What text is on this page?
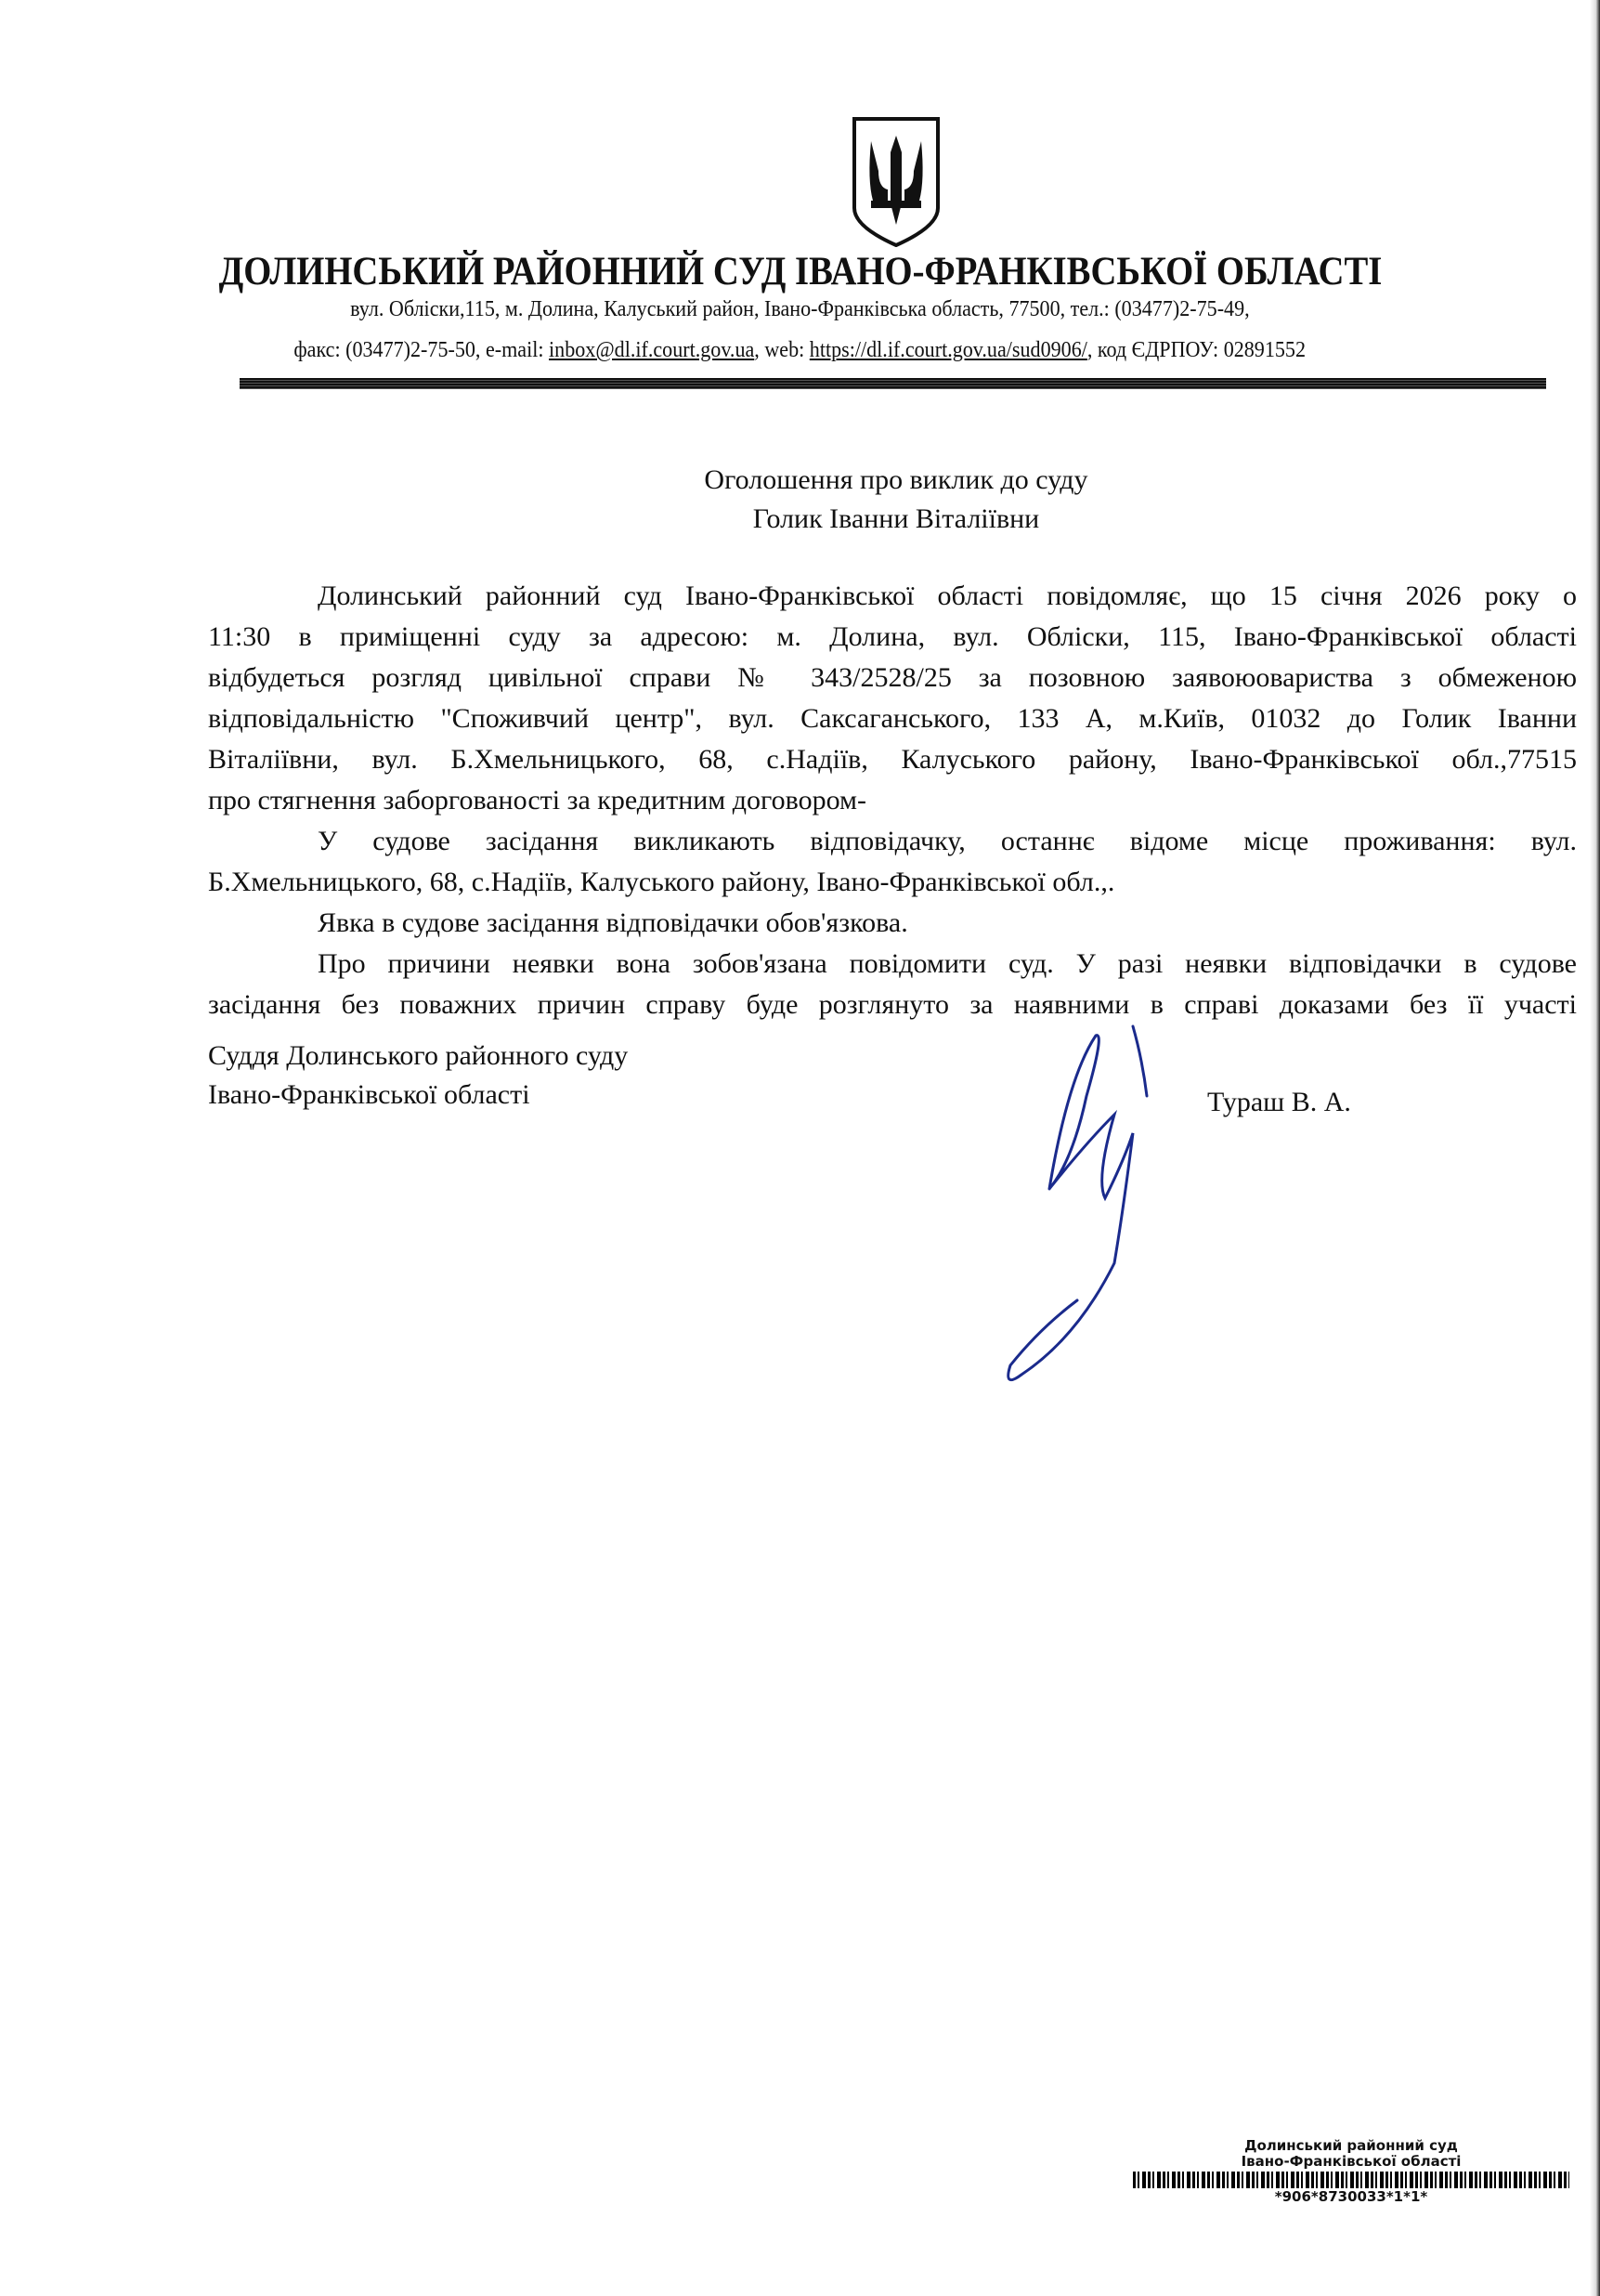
ДОЛИНСЬКИЙ РАЙОННИЙ СУД ІВАНО-ФРАНКІВСЬКОЇ ОБЛАСТІ
вул. Обліски,115, м. Долина, Калуський район, Івано-Франківська область, 77500, тел.: (03477)2-75-49,
факс: (03477)2-75-50, e-mail: inbox@dl.if.court.gov.ua, web: https://dl.if.court.gov.ua/sud0906/, код ЄДРПОУ: 02891552
Оголошення про виклик до суду
Голик Іванни Віталіївни
Долинський районний суд Івано-Франківської області повідомляє, що 15 січня 2026 року о
11:30 в приміщенні суду за адресою: м. Долина, вул. Обліски, 115, Івано-Франківської області
відбудеться розгляд цивільної справи № 343/2528/25 за позовною заявоюовариства з обмеженою
відповідальністю "Споживчий центр", вул. Саксаганського, 133 А, м.Київ, 01032 до Голик Іванни
Віталіївни, вул. Б.Хмельницького, 68, с.Надіїв, Калуського району, Івано-Франківської обл.,77515
про стягнення заборгованості за кредитним договором-
У судове засідання викликають відповідачку, останнє відоме місце проживання: вул.
Б.Хмельницького, 68, с.Надіїв, Калуського району, Івано-Франківської обл.,.
Явка в судове засідання відповідачки обов'язкова.
Про причини неявки вона зобов'язана повідомити суд. У разі неявки відповідачки в судове
засідання без поважних причин справу буде розглянуто за наявними в справі доказами без її участі
Суддя Долинського районного суду
Івано-Франківської області	Тураш В. А.
Долинський районний суд
Івано-Франківської області
*906*8730033*1*1*
